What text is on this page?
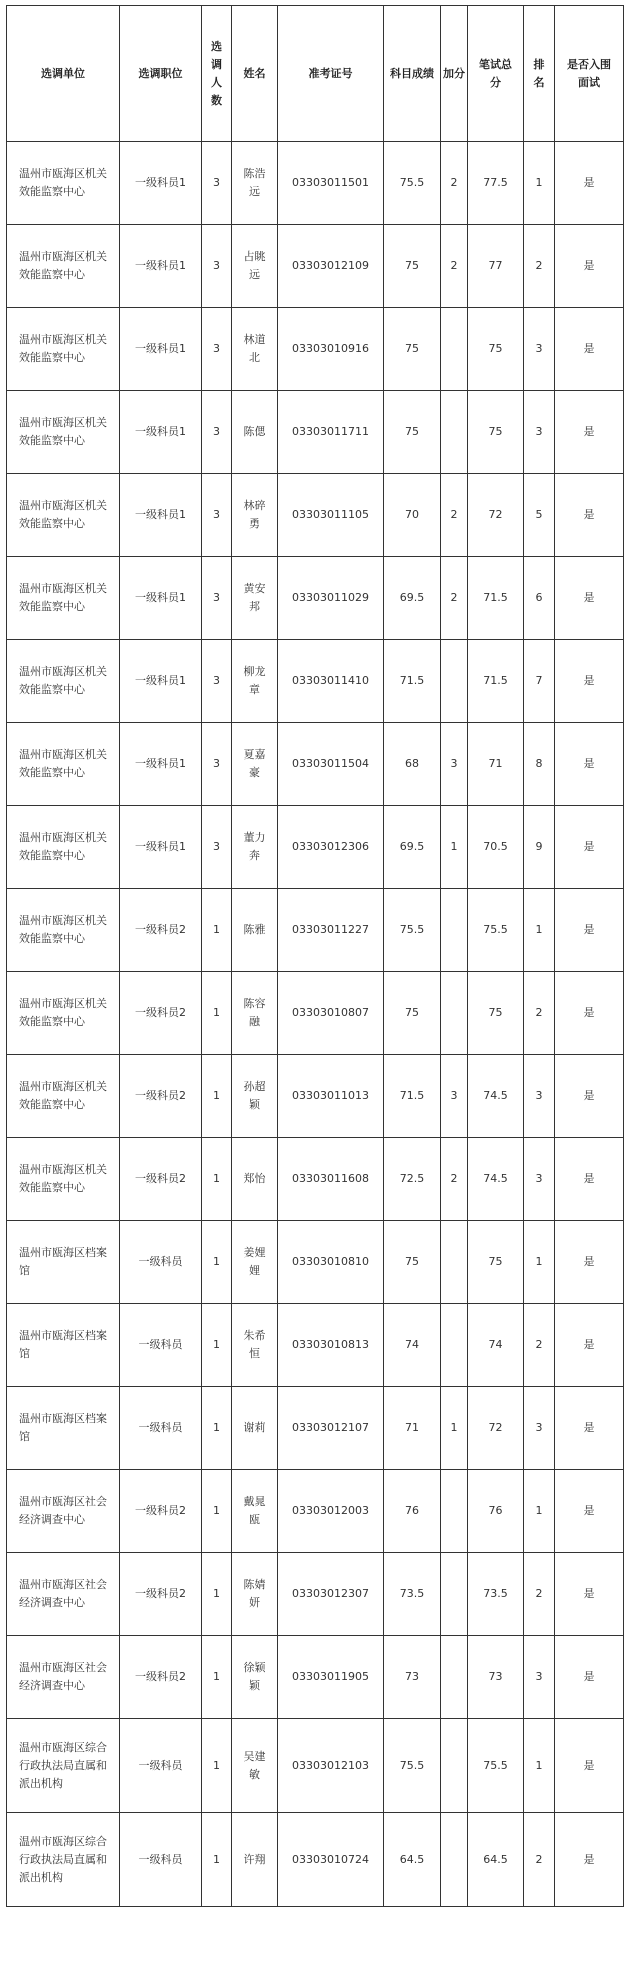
选调单位	选调职位	选调人数	姓名	准考证号	科目成绩	加分	笔试总分	排名	是否入围面试
温州市瓯海区机关效能监察中心	一级科员1	3	陈浩远	03303011501	75.5	2	77.5	1	是
温州市瓯海区机关效能监察中心	一级科员1	3	占眺远	03303012109	75	2	77	2	是
温州市瓯海区机关效能监察中心	一级科员1	3	林道北	03303010916	75		75	3	是
温州市瓯海区机关效能监察中心	一级科员1	3	陈偲	03303011711	75		75	3	是
温州市瓯海区机关效能监察中心	一级科员1	3	林碎勇	03303011105	70	2	72	5	是
温州市瓯海区机关效能监察中心	一级科员1	3	黄安邦	03303011029	69.5	2	71.5	6	是
温州市瓯海区机关效能监察中心	一级科员1	3	柳龙章	03303011410	71.5		71.5	7	是
温州市瓯海区机关效能监察中心	一级科员1	3	夏嘉豪	03303011504	68	3	71	8	是
温州市瓯海区机关效能监察中心	一级科员1	3	董力奔	03303012306	69.5	1	70.5	9	是
温州市瓯海区机关效能监察中心	一级科员2	1	陈雅	03303011227	75.5		75.5	1	是
温州市瓯海区机关效能监察中心	一级科员2	1	陈容融	03303010807	75		75	2	是
温州市瓯海区机关效能监察中心	一级科员2	1	孙超颖	03303011013	71.5	3	74.5	3	是
温州市瓯海区机关效能监察中心	一级科员2	1	郑怡	03303011608	72.5	2	74.5	3	是
温州市瓯海区档案馆	一级科员	1	姜娌娌	03303010810	75		75	1	是
温州市瓯海区档案馆	一级科员	1	朱希恒	03303010813	74		74	2	是
温州市瓯海区档案馆	一级科员	1	谢莉	03303012107	71	1	72	3	是
温州市瓯海区社会经济调查中心	一级科员2	1	戴晁瓯	03303012003	76		76	1	是
温州市瓯海区社会经济调查中心	一级科员2	1	陈婧妍	03303012307	73.5		73.5	2	是
温州市瓯海区社会经济调查中心	一级科员2	1	徐颖颖	03303011905	73		73	3	是
温州市瓯海区综合行政执法局直属和派出机构	一级科员	1	吴建敏	03303012103	75.5		75.5	1	是
温州市瓯海区综合行政执法局直属和派出机构	一级科员	1	许翔	03303010724	64.5		64.5	2	是
